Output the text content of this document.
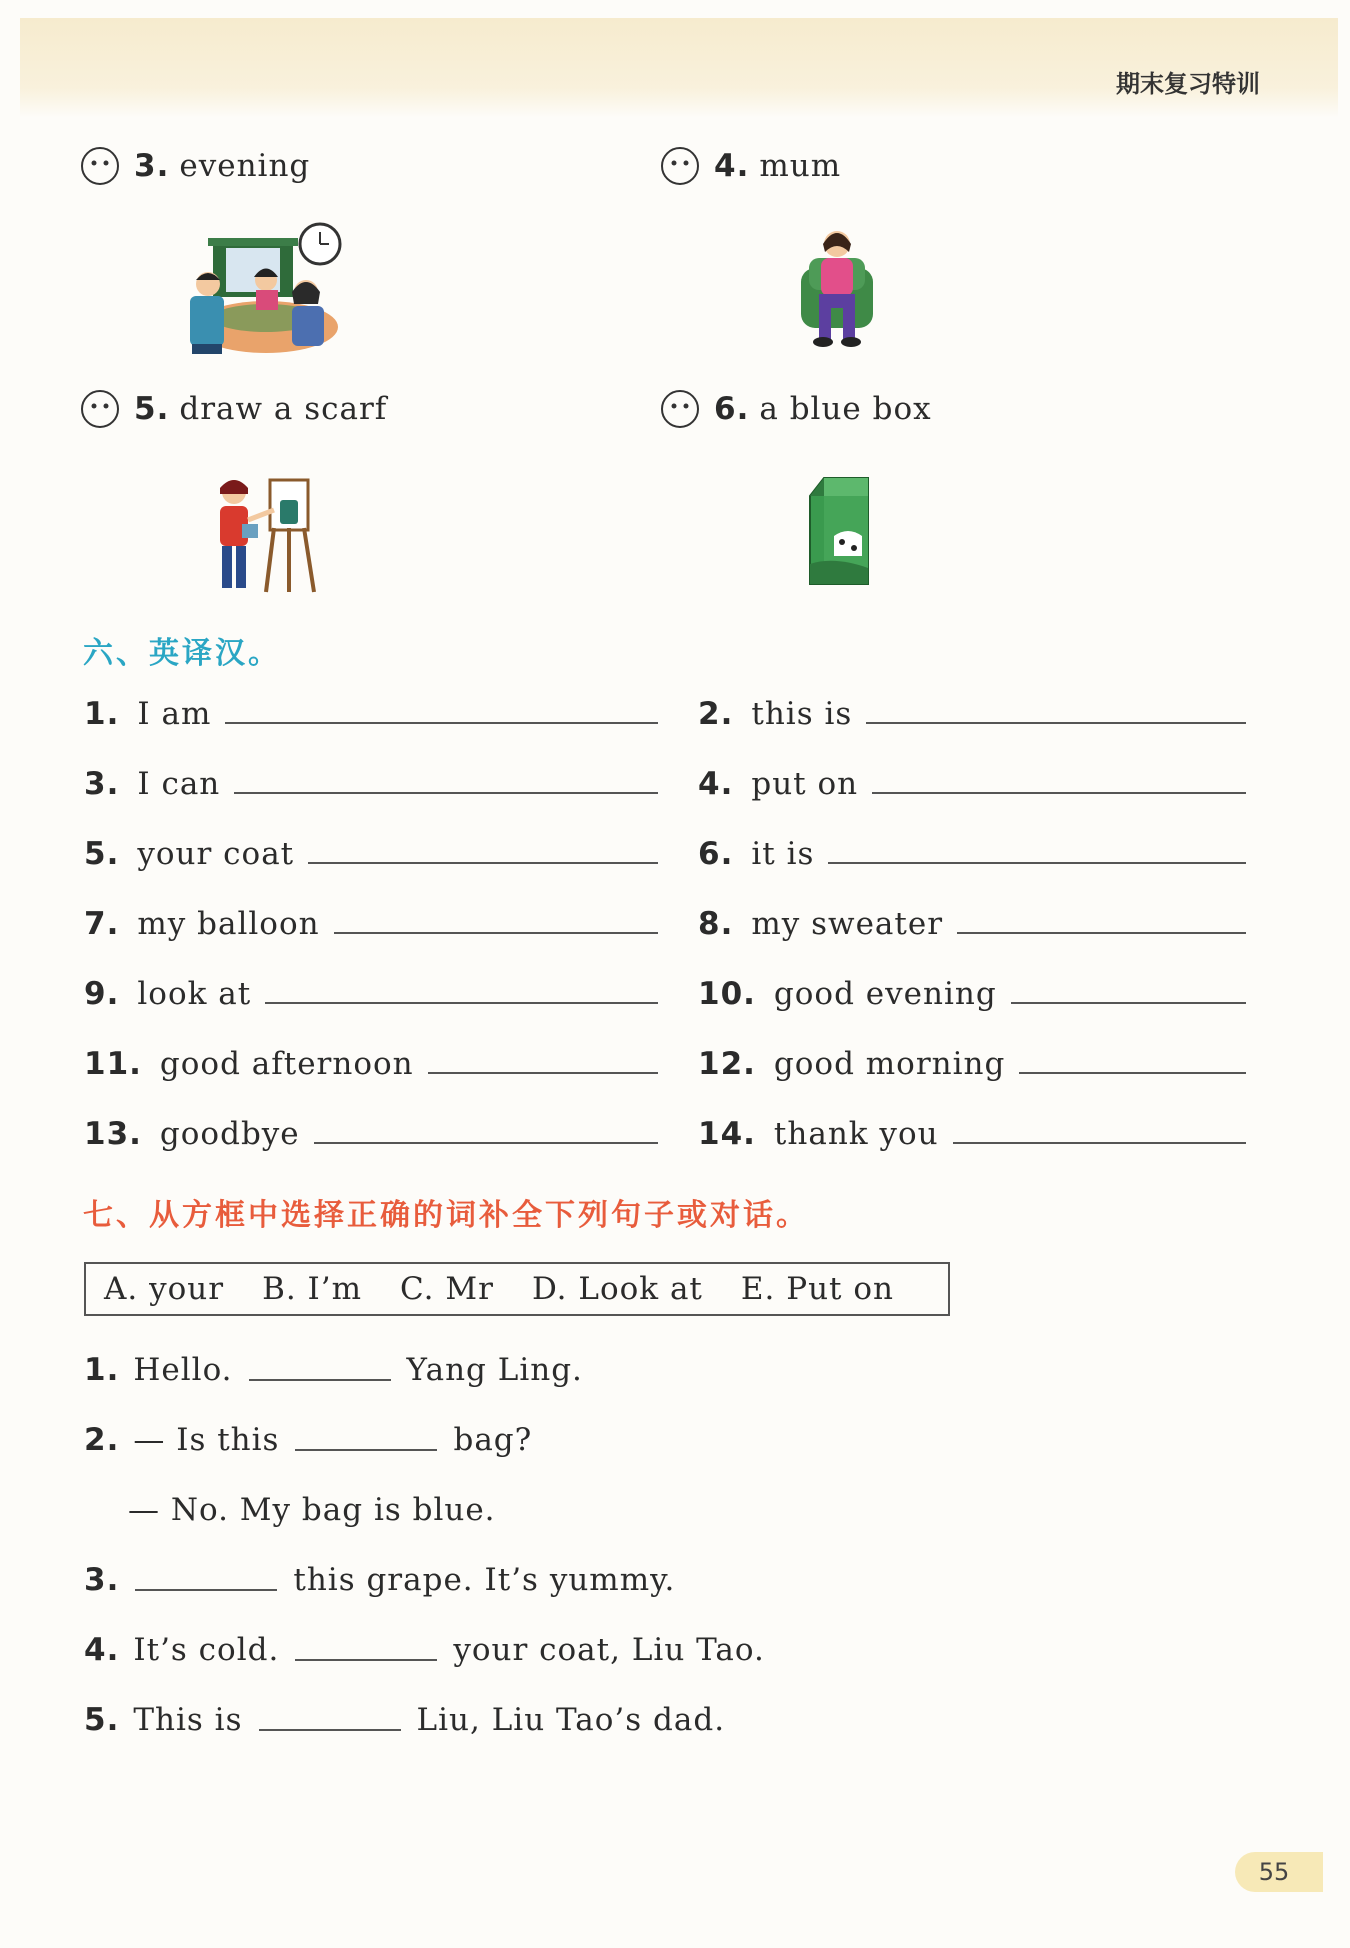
期末复习特训
3. evening	4. mum
5. draw a scarf	6. a blue box
六、英译汉。
1. I am	2. this is
3. I can	4. put on
5. your coat	6. it is
7. my balloon	8. my sweater
9. look at	10. good evening
11. good afternoon	12. good morning
13. goodbye	14. thank you
七、从方框中选择正确的词补全下列句子或对话。
A. your B. I’m C. Mr D. Look at E. Put on
1. Hello.	Yang Ling.
2. — Is this	bag?
— No. My bag is blue.
3.	this grape. It’s yummy.
4. It’s cold.	your coat, Liu Tao.
5. This is	Liu, Liu Tao’s dad.
55
